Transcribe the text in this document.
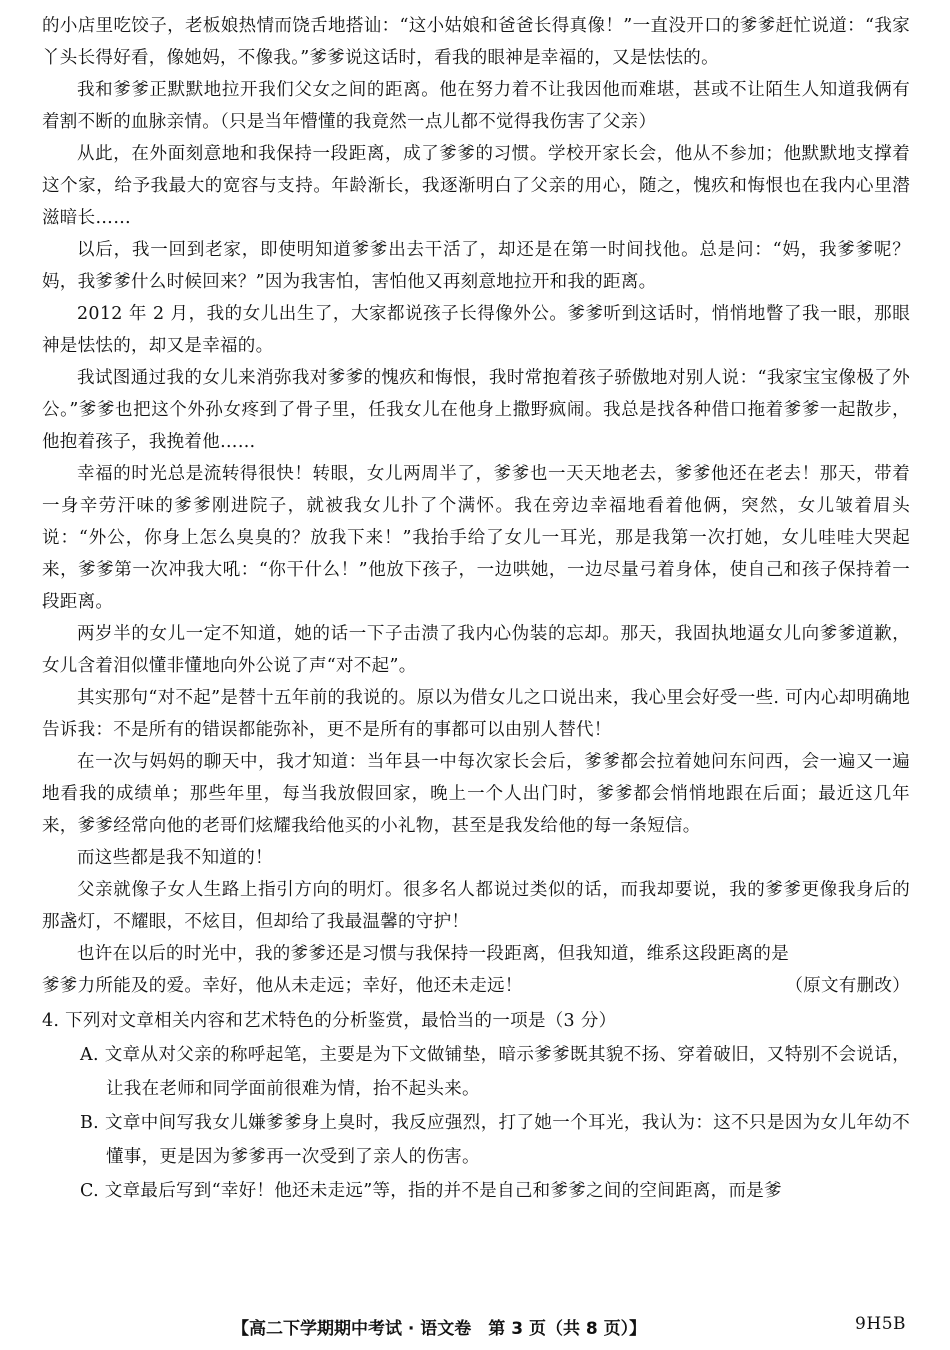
的小店里吃饺子，老板娘热情而饶舌地搭讪：“这小姑娘和爸爸长得真像！”一直没开口的爹爹赶忙说道：“我家丫头长得好看，像她妈，不像我。”爹爹说这话时，看我的眼神是幸福的，又是怯怯的。

我和爹爹正默默地拉开我们父女之间的距离。他在努力着不让我因他而难堪，甚或不让陌生人知道我俩有着割不断的血脉亲情。（只是当年懵懂的我竟然一点儿都不觉得我伤害了父亲）

从此，在外面刻意地和我保持一段距离，成了爹爹的习惯。学校开家长会，他从不参加；他默默地支撑着这个家，给予我最大的宽容与支持。年龄渐长，我逐渐明白了父亲的用心，随之，愧疚和悔恨也在我内心里潜滋暗长……

以后，我一回到老家，即使明知道爹爹出去干活了，却还是在第一时间找他。总是问：“妈，我爹爹呢？妈，我爹爹什么时候回来？”因为我害怕，害怕他又再刻意地拉开和我的距离。

2012 年 2 月，我的女儿出生了，大家都说孩子长得像外公。爹爹听到这话时，悄悄地瞥了我一眼，那眼神是怯怯的，却又是幸福的。

我试图通过我的女儿来消弥我对爹爹的愧疚和悔恨，我时常抱着孩子骄傲地对别人说：“我家宝宝像极了外公。”爹爹也把这个外孙女疼到了骨子里，任我女儿在他身上撒野疯闹。我总是找各种借口拖着爹爹一起散步，他抱着孩子，我挽着他……

幸福的时光总是流转得很快！转眼，女儿两周半了，爹爹也一天天地老去，爹爹他还在老去！那天，带着一身辛劳汗味的爹爹刚进院子，就被我女儿扑了个满怀。我在旁边幸福地看着他俩，突然，女儿皱着眉头说：“外公，你身上怎么臭臭的？放我下来！”我抬手给了女儿一耳光，那是我第一次打她，女儿哇哇大哭起来，爹爹第一次冲我大吼：“你干什么！”他放下孩子，一边哄她，一边尽量弓着身体，使自己和孩子保持着一段距离。

两岁半的女儿一定不知道，她的话一下子击溃了我内心伪装的忘却。那天，我固执地逼女儿向爹爹道歉，女儿含着泪似懂非懂地向外公说了声“对不起”。

其实那句“对不起”是替十五年前的我说的。原以为借女儿之口说出来，我心里会好受一些. 可内心却明确地告诉我：不是所有的错误都能弥补，更不是所有的事都可以由别人替代！

在一次与妈妈的聊天中，我才知道：当年县一中每次家长会后，爹爹都会拉着她问东问西，会一遍又一遍地看我的成绩单；那些年里，每当我放假回家，晚上一个人出门时，爹爹都会悄悄地跟在后面；最近这几年来，爹爹经常向他的老哥们炫耀我给他买的小礼物，甚至是我发给他的每一条短信。

而这些都是我不知道的！

父亲就像子女人生路上指引方向的明灯。很多名人都说过类似的话，而我却要说，我的爹爹更像我身后的那盏灯，不耀眼，不炫目，但却给了我最温馨的守护！

也许在以后的时光中，我的爹爹还是习惯与我保持一段距离，但我知道，维系这段距离的是

爹爹力所能及的爱。幸好，他从未走远；幸好，他还未走远！	（原文有删改）

4. 下列对文章相关内容和艺术特色的分析鉴赏，最恰当的一项是（3 分）

A. 文章从对父亲的称呼起笔，主要是为下文做铺垫，暗示爹爹既其貌不扬、穿着破旧，又特别不会说话，让我在老师和同学面前很难为情，抬不起头来。

B. 文章中间写我女儿嫌爹爹身上臭时，我反应强烈，打了她一个耳光，我认为：这不只是因为女儿年幼不懂事，更是因为爹爹再一次受到了亲人的伤害。

C. 文章最后写到“幸好！他还未走远”等，指的并不是自己和爹爹之间的空间距离，而是爹

【高二下学期期中考试 · 语文卷　第 3 页（共 8 页）】	9H5B
